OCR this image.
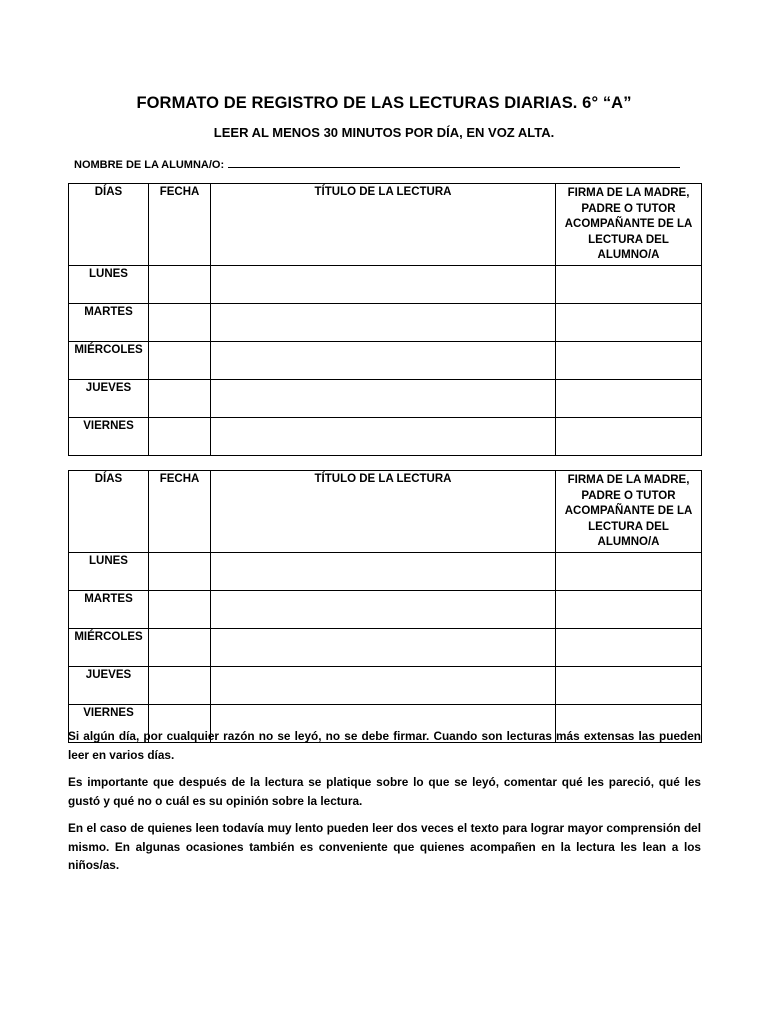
FORMATO DE REGISTRO DE LAS LECTURAS DIARIAS. 6° “A”
LEER AL MENOS 30 MINUTOS POR DÍA, EN VOZ ALTA.
NOMBRE DE LA ALUMNA/O:
DÍAS	FECHA	TÍTULO DE LA LECTURA	FIRMA DE LA MADRE, PADRE O TUTOR ACOMPAÑANTE DE LA LECTURA DEL ALUMNO/A
LUNES			
MARTES			
MIÉRCOLES			
JUEVES			
VIERNES			
DÍAS	FECHA	TÍTULO DE LA LECTURA	FIRMA DE LA MADRE, PADRE O TUTOR ACOMPAÑANTE DE LA LECTURA DEL ALUMNO/A
LUNES			
MARTES			
MIÉRCOLES			
JUEVES			
VIERNES			

Si algún día, por cualquier razón no se leyó, no se debe firmar. Cuando son lecturas más extensas las pueden leer en varios días.

Es importante que después de la lectura se platique sobre lo que se leyó, comentar qué les pareció, qué les gustó y qué no o cuál es su opinión sobre la lectura.

En el caso de quienes leen todavía muy lento pueden leer dos veces el texto para lograr mayor comprensión del mismo. En algunas ocasiones también es conveniente que quienes acompañen en la lectura les lean a los niños/as.
